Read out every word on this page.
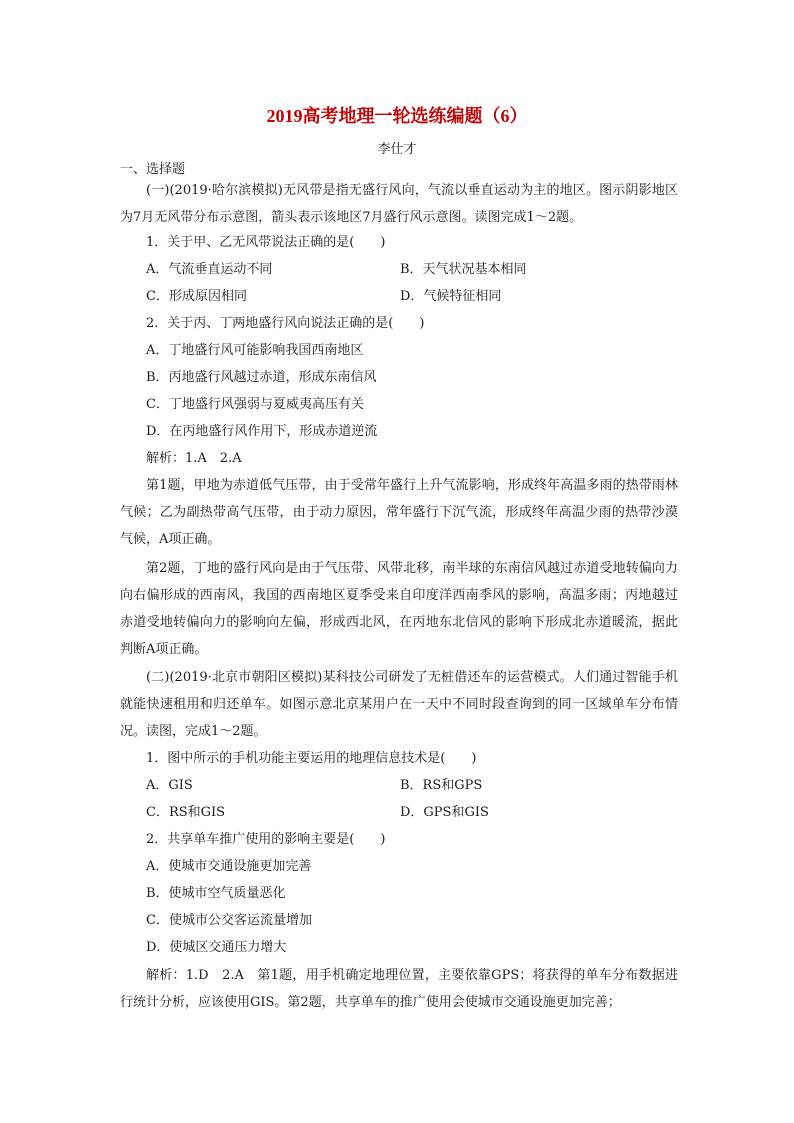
2019高考地理一轮选练编题（6）
李仕才
一、选择题
(一)(2019·哈尔滨模拟)无风带是指无盛行风向，气流以垂直运动为主的地区。图示阴影地区为7月无风带分布示意图，箭头表示该地区7月盛行风示意图。读图完成1～2题。
1．关于甲、乙无风带说法正确的是(　　)
A．气流垂直运动不同	B．天气状况基本相同
C．形成原因相同	D．气候特征相同
2．关于丙、丁两地盛行风向说法正确的是(　　)
A．丁地盛行风可能影响我国西南地区
B．丙地盛行风越过赤道，形成东南信风
C．丁地盛行风强弱与夏威夷高压有关
D．在丙地盛行风作用下，形成赤道逆流
解析：1.A　2.A
第1题，甲地为赤道低气压带，由于受常年盛行上升气流影响，形成终年高温多雨的热带雨林气候；乙为副热带高气压带，由于动力原因，常年盛行下沉气流，形成终年高温少雨的热带沙漠气候，A项正确。
第2题，丁地的盛行风向是由于气压带、风带北移，南半球的东南信风越过赤道受地转偏向力向右偏形成的西南风，我国的西南地区夏季受来自印度洋西南季风的影响，高温多雨；丙地越过赤道受地转偏向力的影响向左偏，形成西北风，在丙地东北信风的影响下形成北赤道暖流，据此判断A项正确。
(二)(2019·北京市朝阳区模拟)某科技公司研发了无桩借还车的运营模式。人们通过智能手机就能快速租用和归还单车。如图示意北京某用户在一天中不同时段查询到的同一区域单车分布情况。读图，完成1～2题。
1．图中所示的手机功能主要运用的地理信息技术是(　　)
A．GIS	B．RS和GPS
C．RS和GIS	D．GPS和GIS
2．共享单车推广使用的影响主要是(　　)
A．使城市交通设施更加完善
B．使城市空气质量恶化
C．使城市公交客运流量增加
D．使城区交通压力增大
解析：1.D　2.A　第1题，用手机确定地理位置，主要依靠GPS；将获得的单车分布数据进行统计分析，应该使用GIS。第2题，共享单车的推广使用会使城市交通设施更加完善；
